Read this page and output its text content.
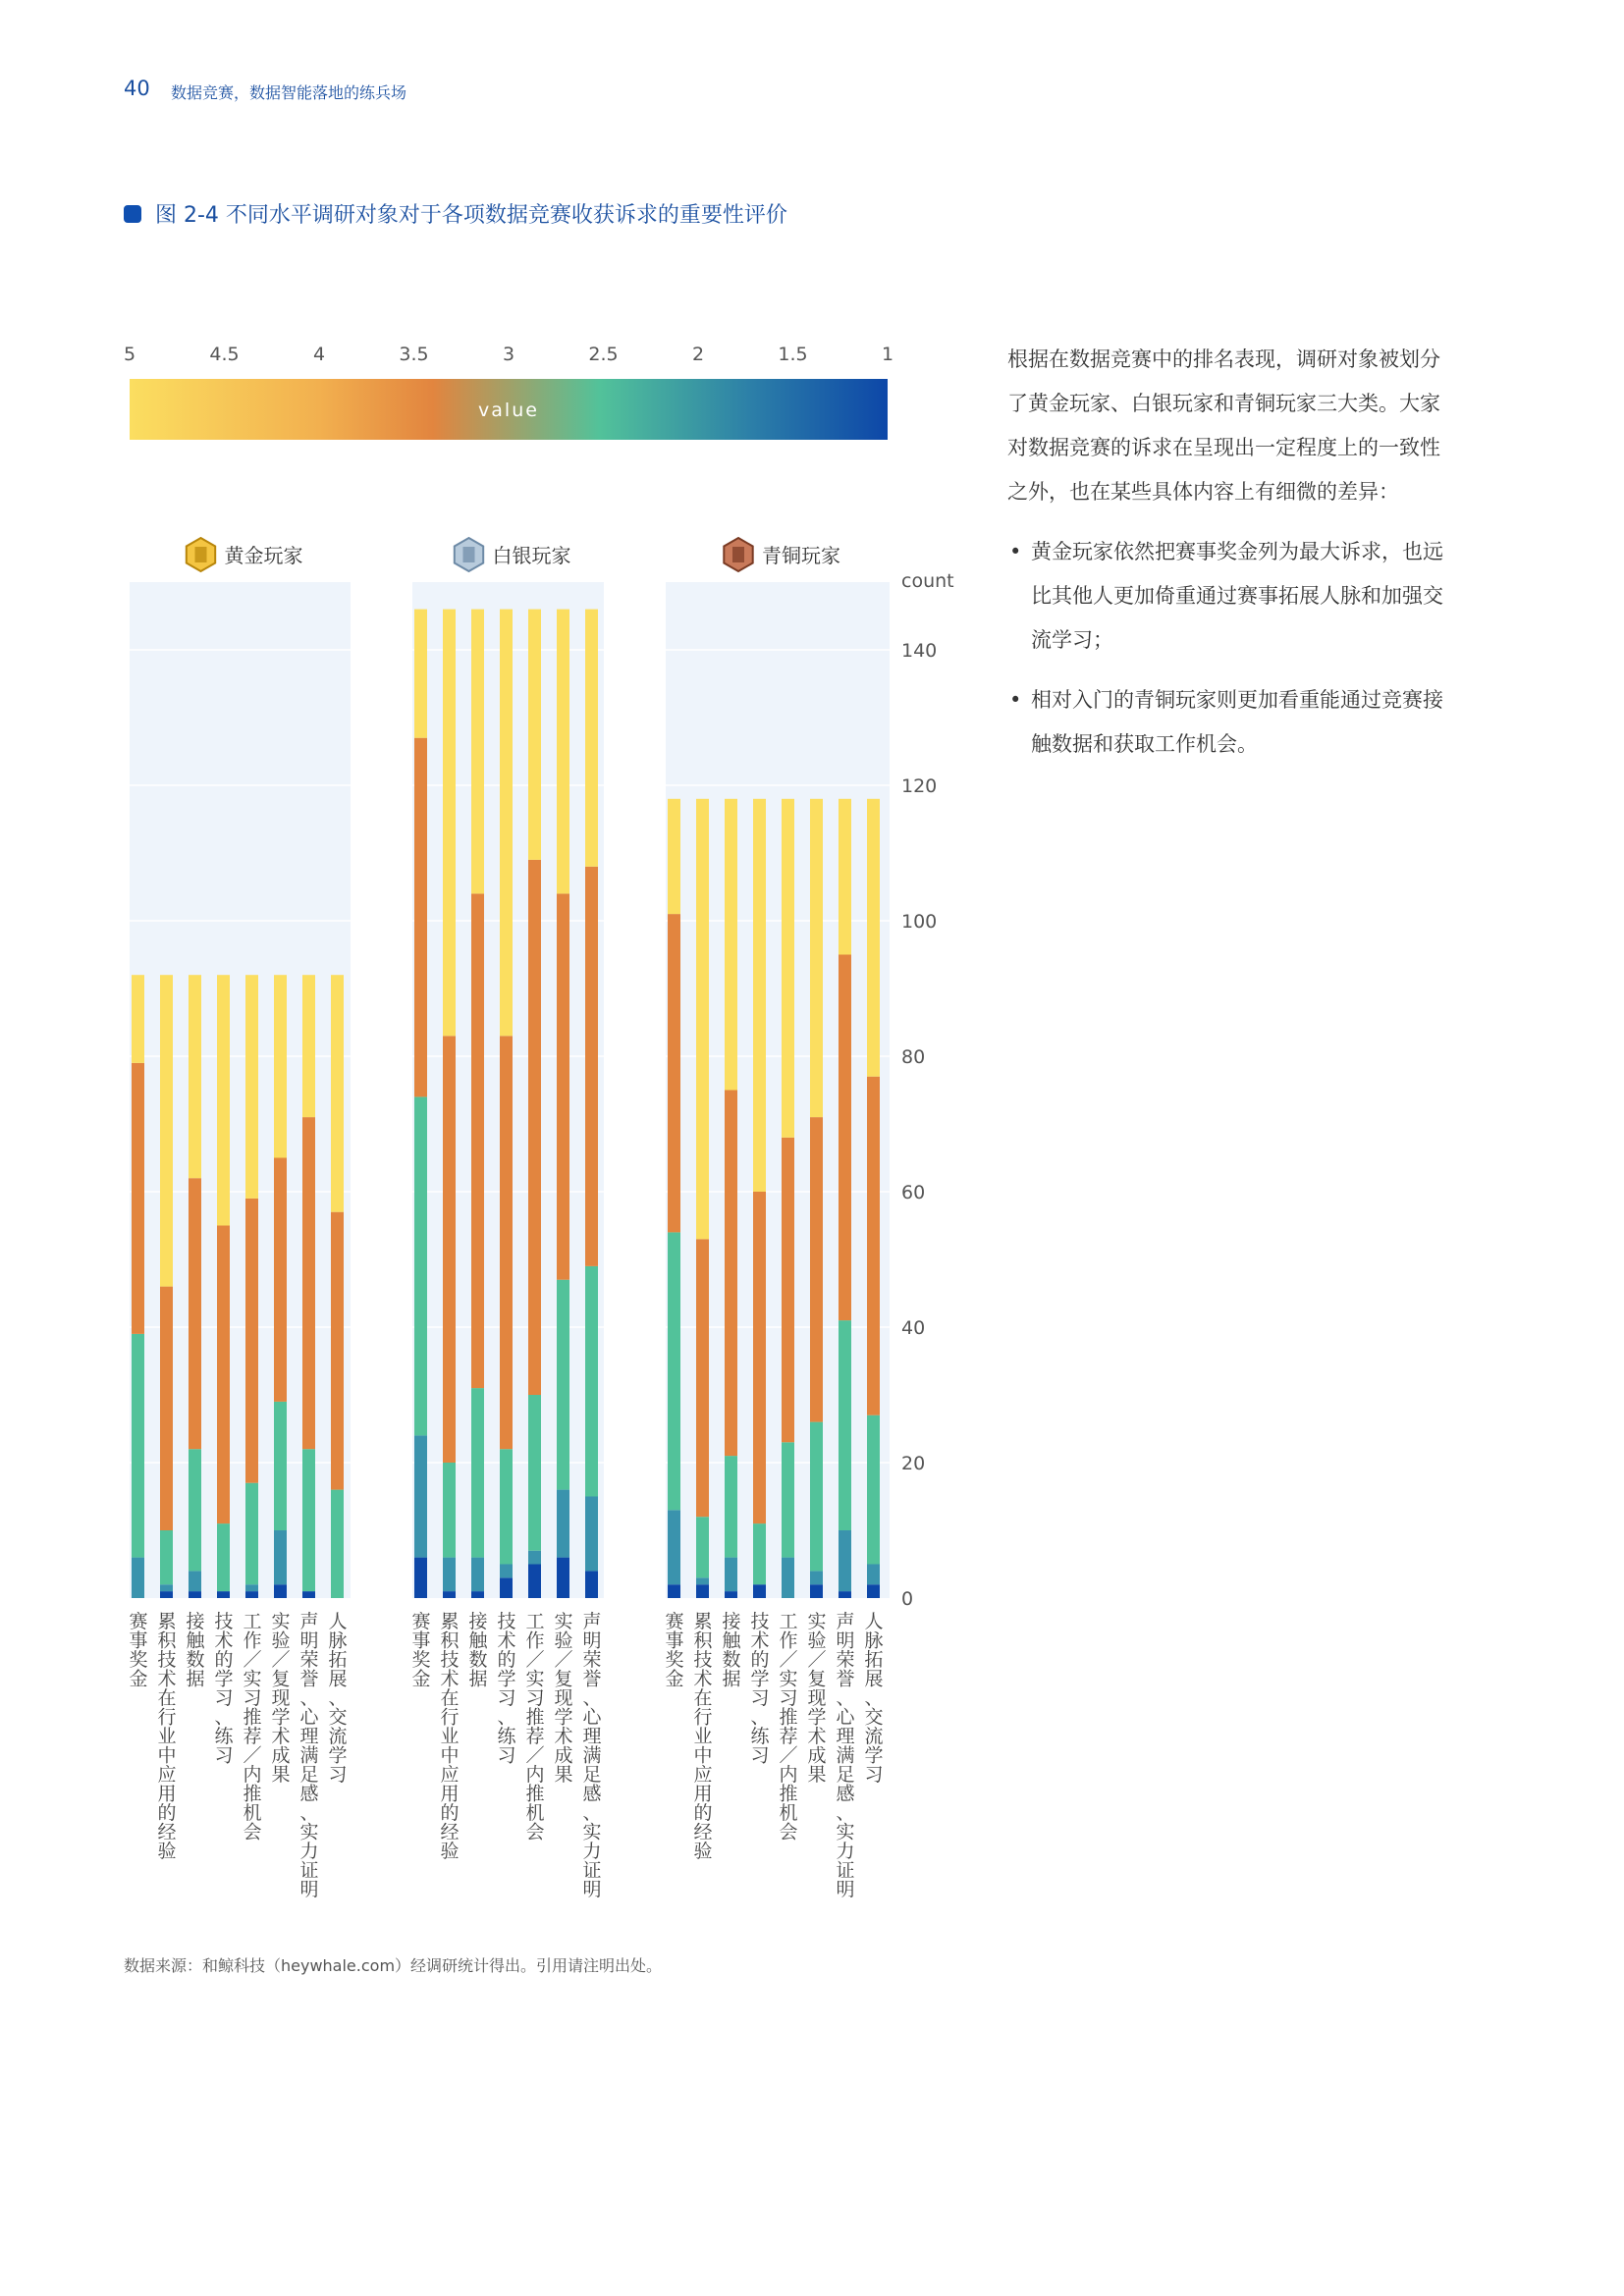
40 数据竞赛，数据智能落地的练兵场
图 2-4 不同水平调研对象对于各项数据竞赛收获诉求的重要性评价
5	4.5	4	3.5	3	2.5	2	1.5	1
value
黄金玩家
赛事奖金
累积技术在行业中应用的经验
接触数据
技术的学习、练习
工作／实习推荐／内推机会
实验／复现学术成果
声明荣誉、心理满足感、实力证明
人脉拓展、交流学习
白银玩家
赛事奖金
累积技术在行业中应用的经验
接触数据
技术的学习、练习
工作／实习推荐／内推机会
实验／复现学术成果
声明荣誉、心理满足感、实力证明
青铜玩家
赛事奖金
累积技术在行业中应用的经验
接触数据
技术的学习、练习
工作／实习推荐／内推机会
实验／复现学术成果
声明荣誉、心理满足感、实力证明
人脉拓展、交流学习
0
20
40
60
80
100
120
140
count

根据在数据竞赛中的排名表现，调研对象被划分了黄金玩家、白银玩家和青铜玩家三大类。大家对数据竞赛的诉求在呈现出一定程度上的一致性之外，也在某些具体内容上有细微的差异：

• 黄金玩家依然把赛事奖金列为最大诉求，也远比其他人更加倚重通过赛事拓展人脉和加强交流学习；
• 相对入门的青铜玩家则更加看重能通过竞赛接触数据和获取工作机会。
数据来源：和鲸科技（heywhale.com）经调研统计得出。引用请注明出处。
